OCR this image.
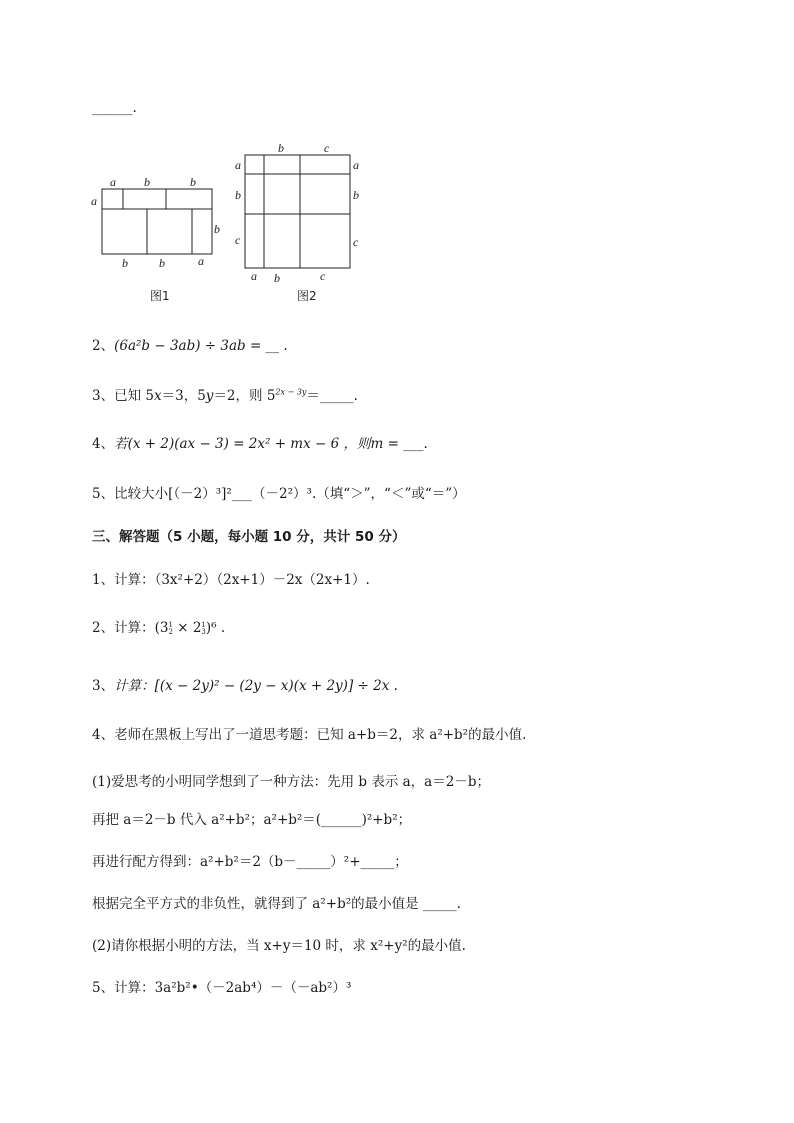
______.
a b	b
a
b
b	b	a
图1
b	c
a
b
c
a
b
c
a b	c
图2
2、(6a²b − 3ab) ÷ 3ab = __ .
3、已知 5x＝3，5y＝2，则 $5^{2x - 3y}=\_\_\_\_\_$.
4、若(x + 2)(ax − 3) = 2x² + mx − 6 ，则m = ___.
5、比较大小[（－2）³]²___（－2²）³.（填“＞”，“＜”或“＝”）
三、解答题（5 小题，每小题 10 分，共计 50 分）
1、计算：（3x²+2）（2x+1）－2x（2x+1）.
2、计算：(31
2 × 21
3)⁶ .
3、计算：[(x − 2y)² − (2y − x)(x + 2y)] ÷ 2x .
4、老师在黑板上写出了一道思考题：已知 a+b＝2，求 a²+b²的最小值.
(1)爱思考的小明同学想到了一种方法：先用 b 表示 a，a＝2－b；
再把 a＝2－b 代入 a²+b²；a²+b²＝(______)²+b²；
再进行配方得到：a²+b²＝2（b－_____）²+_____；
根据完全平方式的非负性，就得到了 a²+b²的最小值是 _____.
(2)请你根据小明的方法，当 x+y＝10 时，求 x²+y²的最小值.
5、计算：3a²b²•（－2ab⁴）－（－ab²）³
